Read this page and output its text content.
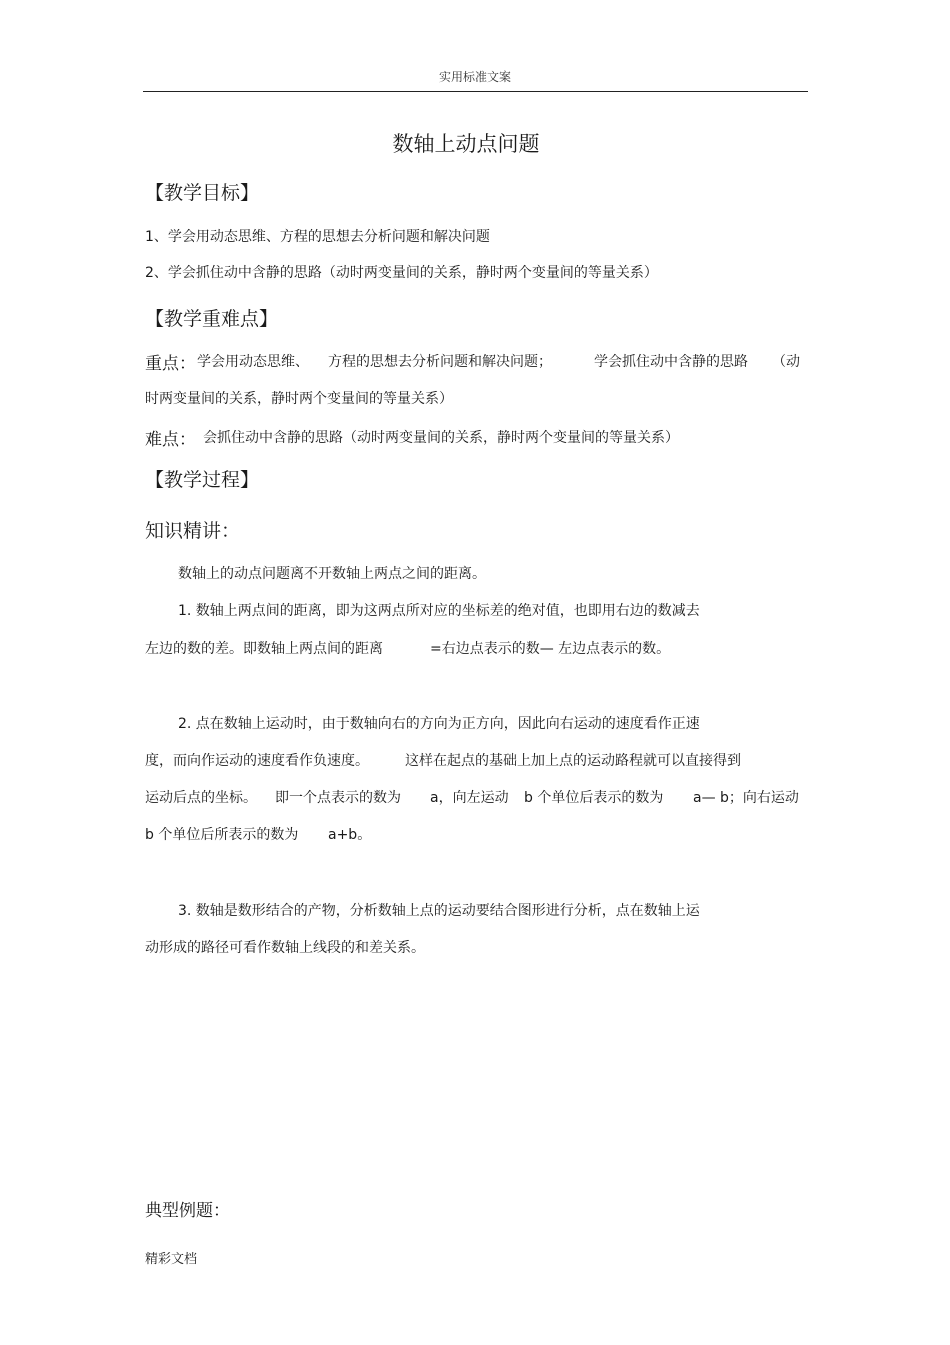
实用标准文案
数轴上动点问题
【教学目标】
1、学会用动态思维、方程的思想去分析问题和解决问题
2、学会抓住动中含静的思路（动时两变量间的关系，静时两个变量间的等量关系）
【教学重难点】
重点： 学会用动态思维、 方程的思想去分析问题和解决问题；	学会抓住动中含静的思路 （动
时两变量间的关系，静时两个变量间的等量关系）
难点： 会抓住动中含静的思路（动时两变量间的关系，静时两个变量间的等量关系）
【教学过程】
知识精讲：
数轴上的动点问题离不开数轴上两点之间的距离。
1. 数轴上两点间的距离，即为这两点所对应的坐标差的绝对值，也即用右边的数减去
左边的数的差。即数轴上两点间的距离	=右边点表示的数— 左边点表示的数。
2. 点在数轴上运动时，由于数轴向右的方向为正方向，因此向右运动的速度看作正速
度，而向作运动的速度看作负速度。	这样在起点的基础上加上点的运动路程就可以直接得到
运动后点的坐标。 即一个点表示的数为 a，向左运动 b 个单位后表示的数为 a— b；向右运动
b 个单位后所表示的数为 a+b。
3. 数轴是数形结合的产物，分析数轴上点的运动要结合图形进行分析，点在数轴上运
动形成的路径可看作数轴上线段的和差关系。
典型例题：
精彩文档
